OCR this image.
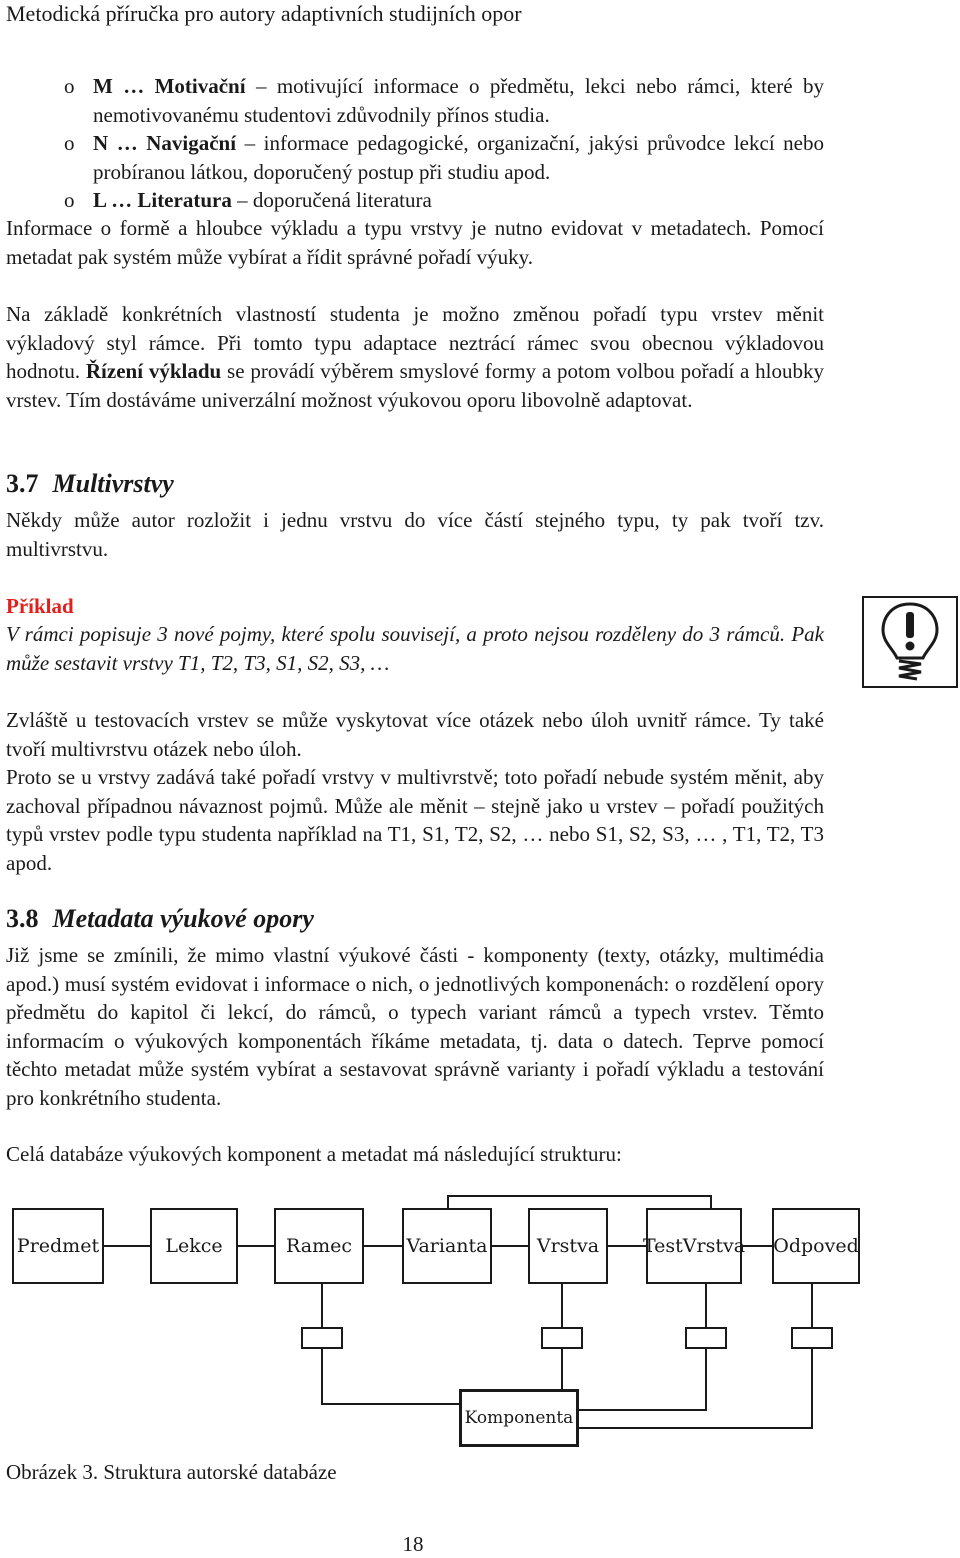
Metodická příručka pro autory adaptivních studijních opor
o M … Motivační – motivující informace o předmětu, lekci nebo rámci, které by nemotivovanému studentovi zdůvodnily přínos studia.

o N … Navigační – informace pedagogické, organizační, jakýsi průvodce lekcí nebo probíranou látkou, doporučený postup při studiu apod.

o L … Literatura – doporučená literatura

Informace o formě a hloubce výkladu a typu vrstvy je nutno evidovat v metadatech. Pomocí metadat pak systém může vybírat a řídit správné pořadí výuky.

Na základě konkrétních vlastností studenta je možno změnou pořadí typu vrstev měnit výkladový styl rámce. Při tomto typu adaptace neztrácí rámec svou obecnou výkladovou hodnotu. Řízení výkladu se provádí výběrem smyslové formy a potom volbou pořadí a hloubky vrstev. Tím dostáváme univerzální možnost výukovou oporu libovolně adaptovat.

3.7 Multivrstvy

Někdy může autor rozložit i jednu vrstvu do více částí stejného typu, ty pak tvoří tzv. multivrstvu.

Příklad

V rámci popisuje 3 nové pojmy, které spolu souvisejí, a proto nejsou rozděleny do 3 rámců. Pak může sestavit vrstvy T1, T2, T3, S1, S2, S3, …

Zvláště u testovacích vrstev se může vyskytovat více otázek nebo úloh uvnitř rámce. Ty také tvoří multivrstvu otázek nebo úloh.

Proto se u vrstvy zadává také pořadí vrstvy v multivrstvě; toto pořadí nebude systém měnit, aby zachoval případnou návaznost pojmů. Může ale měnit – stejně jako u vrstev – pořadí použitých typů vrstev podle typu studenta například na T1, S1, T2, S2, … nebo S1, S2, S3, … , T1, T2, T3 apod.

3.8 Metadata výukové opory

Již jsme se zmínili, že mimo vlastní výukové části - komponenty (texty, otázky, multimédia apod.) musí systém evidovat i informace o nich, o jednotlivých komponenách: o rozdělení opory předmětu do kapitol či lekcí, do rámců, o typech variant rámců a typech vrstev. Těmto informacím o výukových komponentách říkáme metadata, tj. data o datech. Teprve pomocí těchto metadat může systém vybírat a sestavovat správně varianty i pořadí výkladu a testování pro konkrétního studenta.

Celá databáze výukových komponent a metadat má následující strukturu:

Predmet	Lekce	Ramec	Varianta	Vrstva	TestVrstva Odpoved
Komponenta
Obrázek 3. Struktura autorské databáze
18
